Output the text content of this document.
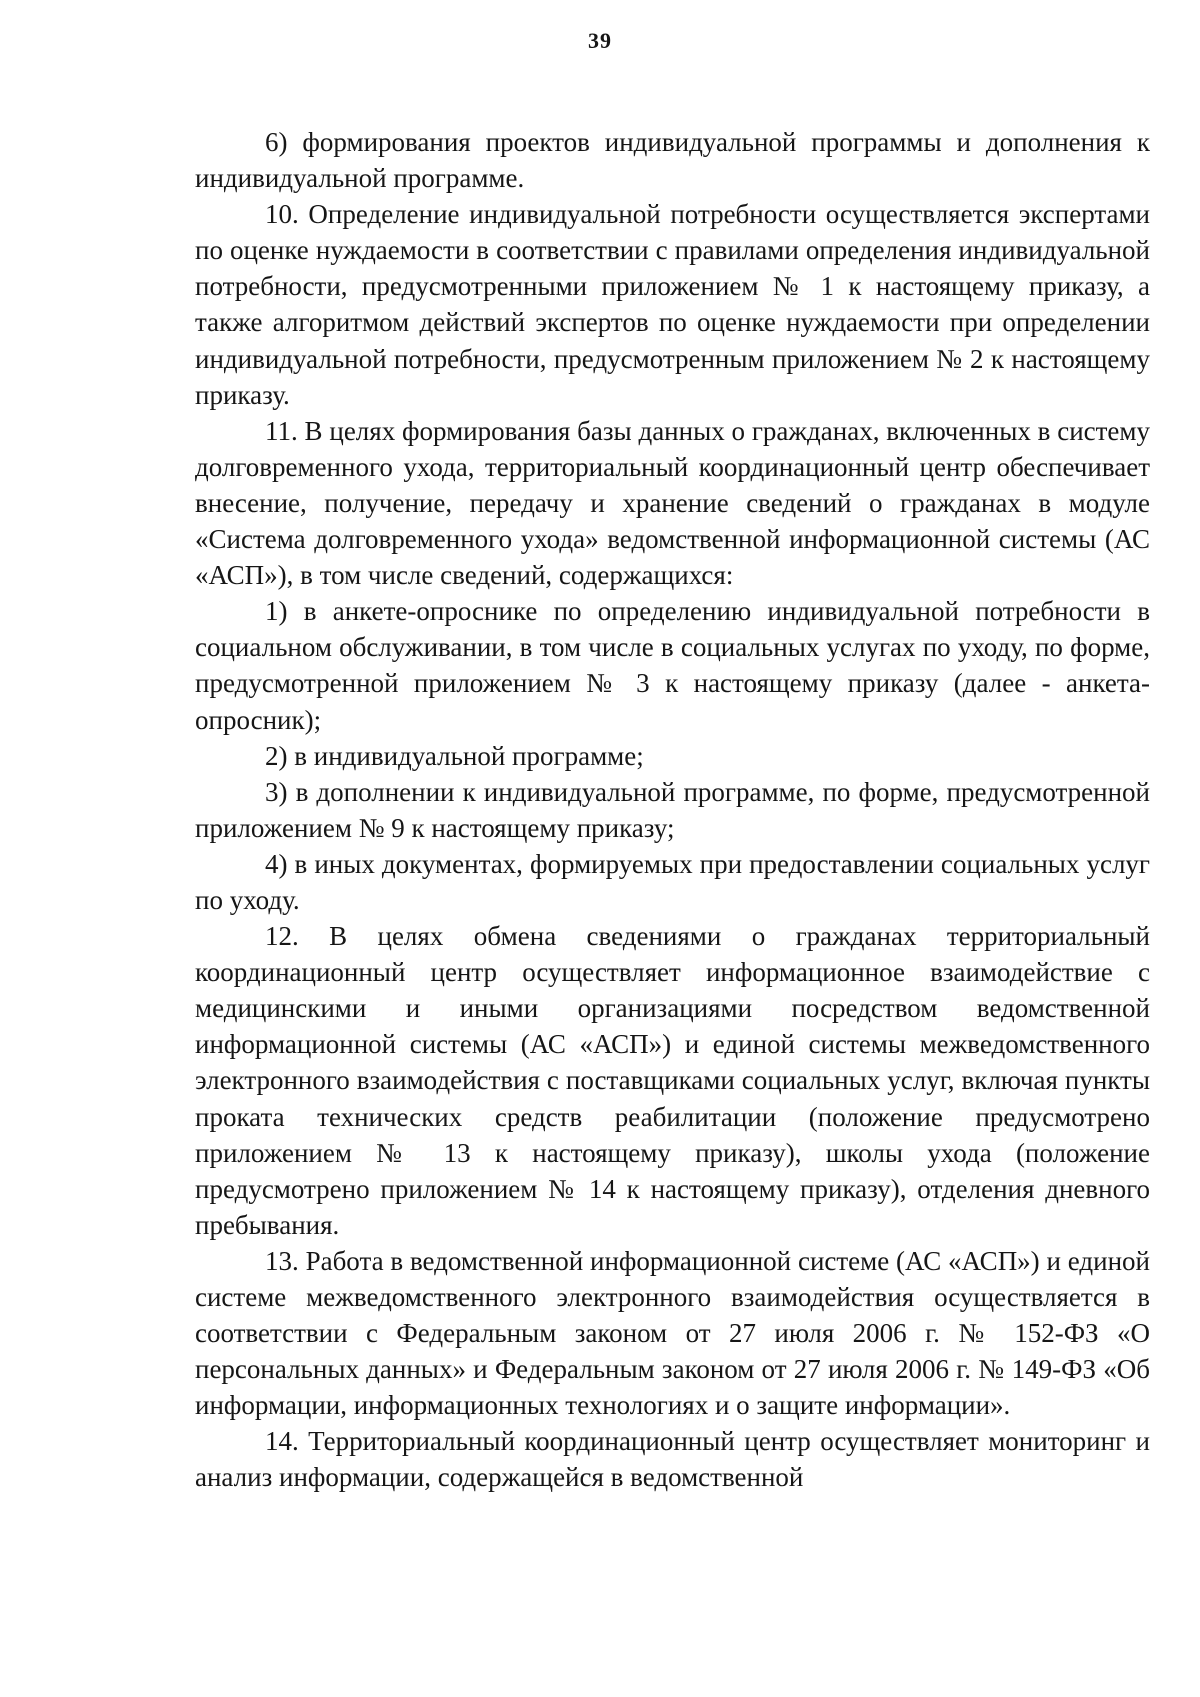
39

6) формирования проектов индивидуальной программы и дополнения к индивидуальной программе.

10. Определение индивидуальной потребности осуществляется экспертами по оценке нуждаемости в соответствии с правилами определения индивидуальной потребности, предусмотренными приложением № 1 к настоящему приказу, а также алгоритмом действий экспертов по оценке нуждаемости при определении индивидуальной потребности, предусмотренным приложением № 2 к настоящему приказу.

11. В целях формирования базы данных о гражданах, включенных в систему долговременного ухода, территориальный координационный центр обеспечивает внесение, получение, передачу и хранение сведений о гражданах в модуле «Система долговременного ухода» ведомственной информационной системы (АС «АСП»), в том числе сведений, содержащихся:

1) в анкете-опроснике по определению индивидуальной потребности в социальном обслуживании, в том числе в социальных услугах по уходу, по форме, предусмотренной приложением № 3 к настоящему приказу (далее - анкета-опросник);

2) в индивидуальной программе;

3) в дополнении к индивидуальной программе, по форме, предусмотренной приложением № 9 к настоящему приказу;

4) в иных документах, формируемых при предоставлении социальных услуг по уходу.

12. В целях обмена сведениями о гражданах территориальный координационный центр осуществляет информационное взаимодействие с медицинскими и иными организациями посредством ведомственной информационной системы (АС «АСП») и единой системы межведомственного электронного взаимодействия с поставщиками социальных услуг, включая пункты проката технических средств реабилитации (положение предусмотрено приложением № 13 к настоящему приказу), школы ухода (положение предусмотрено приложением № 14 к настоящему приказу), отделения дневного пребывания.

13. Работа в ведомственной информационной системе (АС «АСП») и единой системе межведомственного электронного взаимодействия осуществляется в соответствии с Федеральным законом от 27 июля 2006 г. № 152-ФЗ «О персональных данных» и Федеральным законом от 27 июля 2006 г. № 149-ФЗ «Об информации, информационных технологиях и о защите информации».

14. Территориальный координационный центр осуществляет мониторинг и анализ информации, содержащейся в ведомственной
